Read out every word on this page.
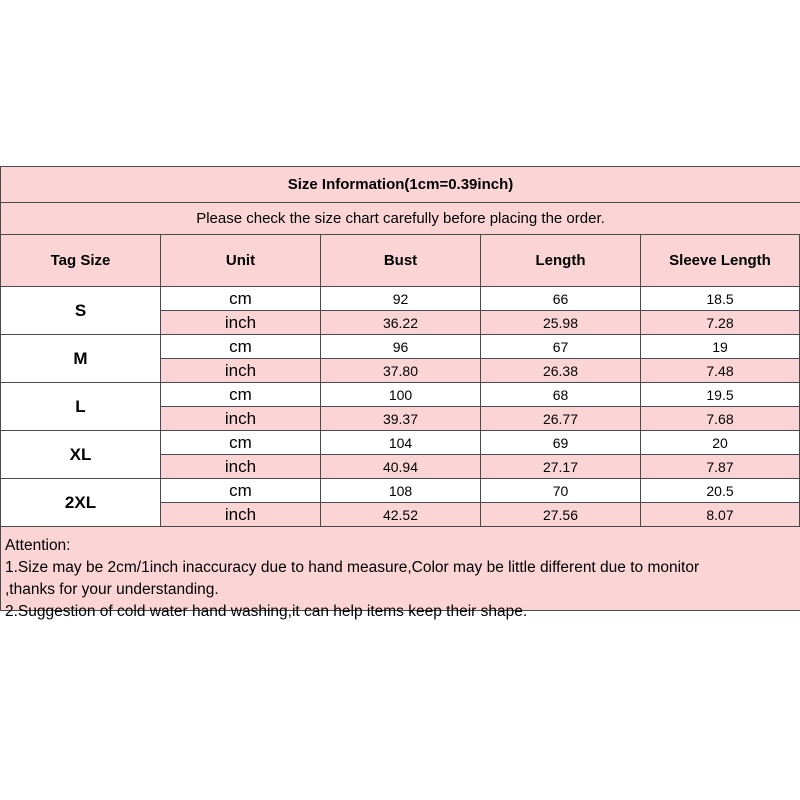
Size Information(1cm=0.39inch)
Please check the size chart carefully before placing the order.
Tag Size	Unit	Bust	Length	Sleeve Length
S
cm	92	66	18.5
inch	36.22	25.98	7.28
M
cm	96	67	19
inch	37.80	26.38	7.48
L
cm	100	68	19.5
inch	39.37	26.77	7.68
XL
cm	104	69	20
inch	40.94	27.17	7.87
2XL
cm	108	70	20.5
inch	42.52	27.56	8.07
Attention:
1.Size may be 2cm/1inch inaccuracy due to hand measure,Color may be little different due to monitor
,thanks for your understanding.
2.Suggestion of cold water hand washing,it can help items keep their shape.
